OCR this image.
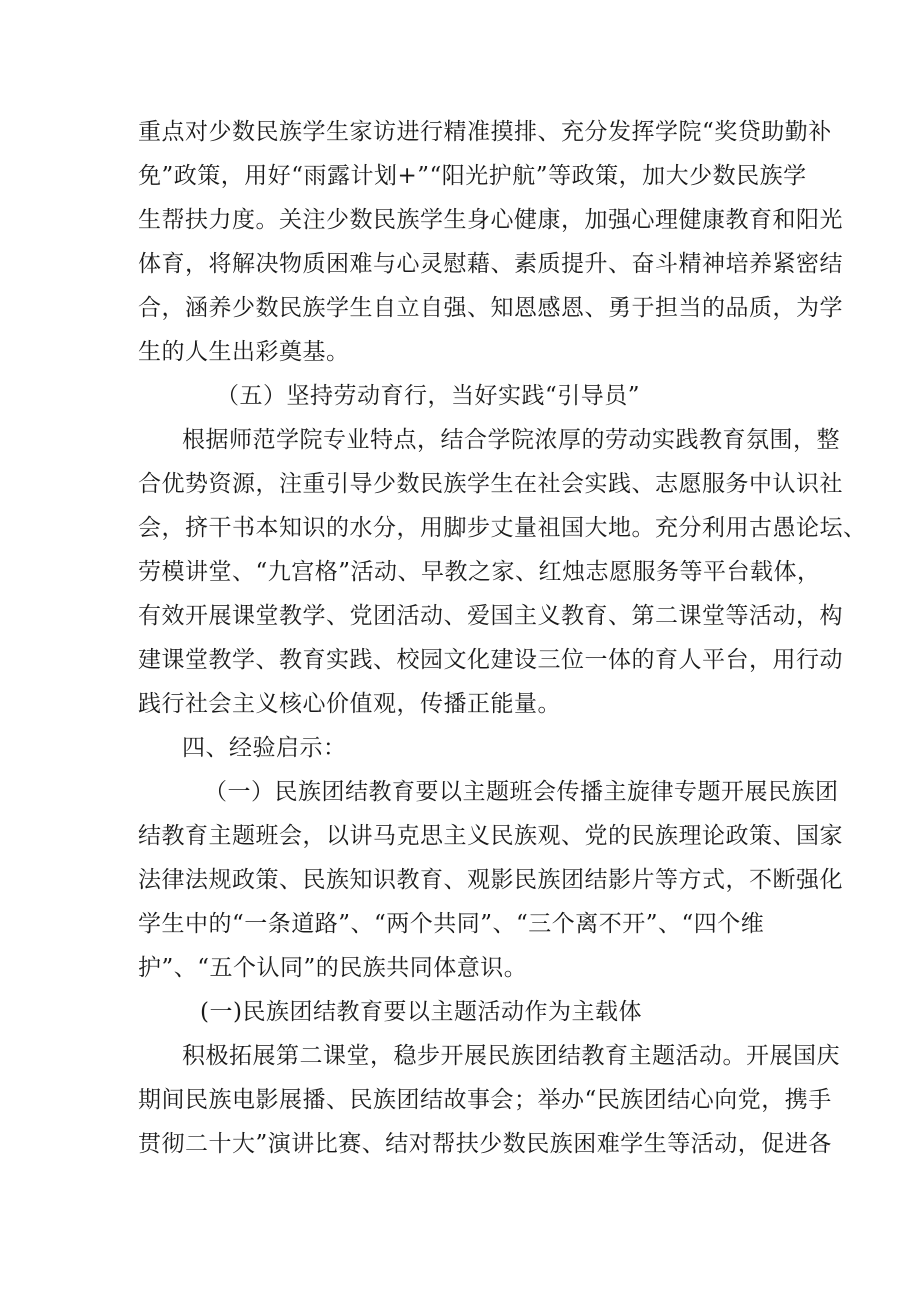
重点对少数民族学生家访进行精准摸排、充分发挥学院“奖贷助勤补
免”政策，用好“雨露计划+”“阳光护航”等政策，加大少数民族学
生帮扶力度。关注少数民族学生身心健康，加强心理健康教育和阳光
体育，将解决物质困难与心灵慰藉、素质提升、奋斗精神培养紧密结
合，涵养少数民族学生自立自强、知恩感恩、勇于担当的品质，为学
生的人生出彩奠基。
（五）坚持劳动育行，当好实践“引导员”
根据师范学院专业特点，结合学院浓厚的劳动实践教育氛围，整
合优势资源，注重引导少数民族学生在社会实践、志愿服务中认识社
会，挤干书本知识的水分，用脚步丈量祖国大地。充分利用古愚论坛、
劳模讲堂、“九宫格”活动、早教之家、红烛志愿服务等平台载体，
有效开展课堂教学、党团活动、爱国主义教育、第二课堂等活动，构
建课堂教学、教育实践、校园文化建设三位一体的育人平台，用行动
践行社会主义核心价值观，传播正能量。
四、经验启示：
（一）民族团结教育要以主题班会传播主旋律专题开展民族团
结教育主题班会，以讲马克思主义民族观、党的民族理论政策、国家
法律法规政策、民族知识教育、观影民族团结影片等方式，不断强化
学生中的“一条道路”、“两个共同”、“三个离不开”、“四个维
护”、“五个认同”的民族共同体意识。
(一)民族团结教育要以主题活动作为主载体
积极拓展第二课堂，稳步开展民族团结教育主题活动。开展国庆
期间民族电影展播、民族团结故事会；举办“民族团结心向党，携手
贯彻二十大”演讲比赛、结对帮扶少数民族困难学生等活动，促进各
